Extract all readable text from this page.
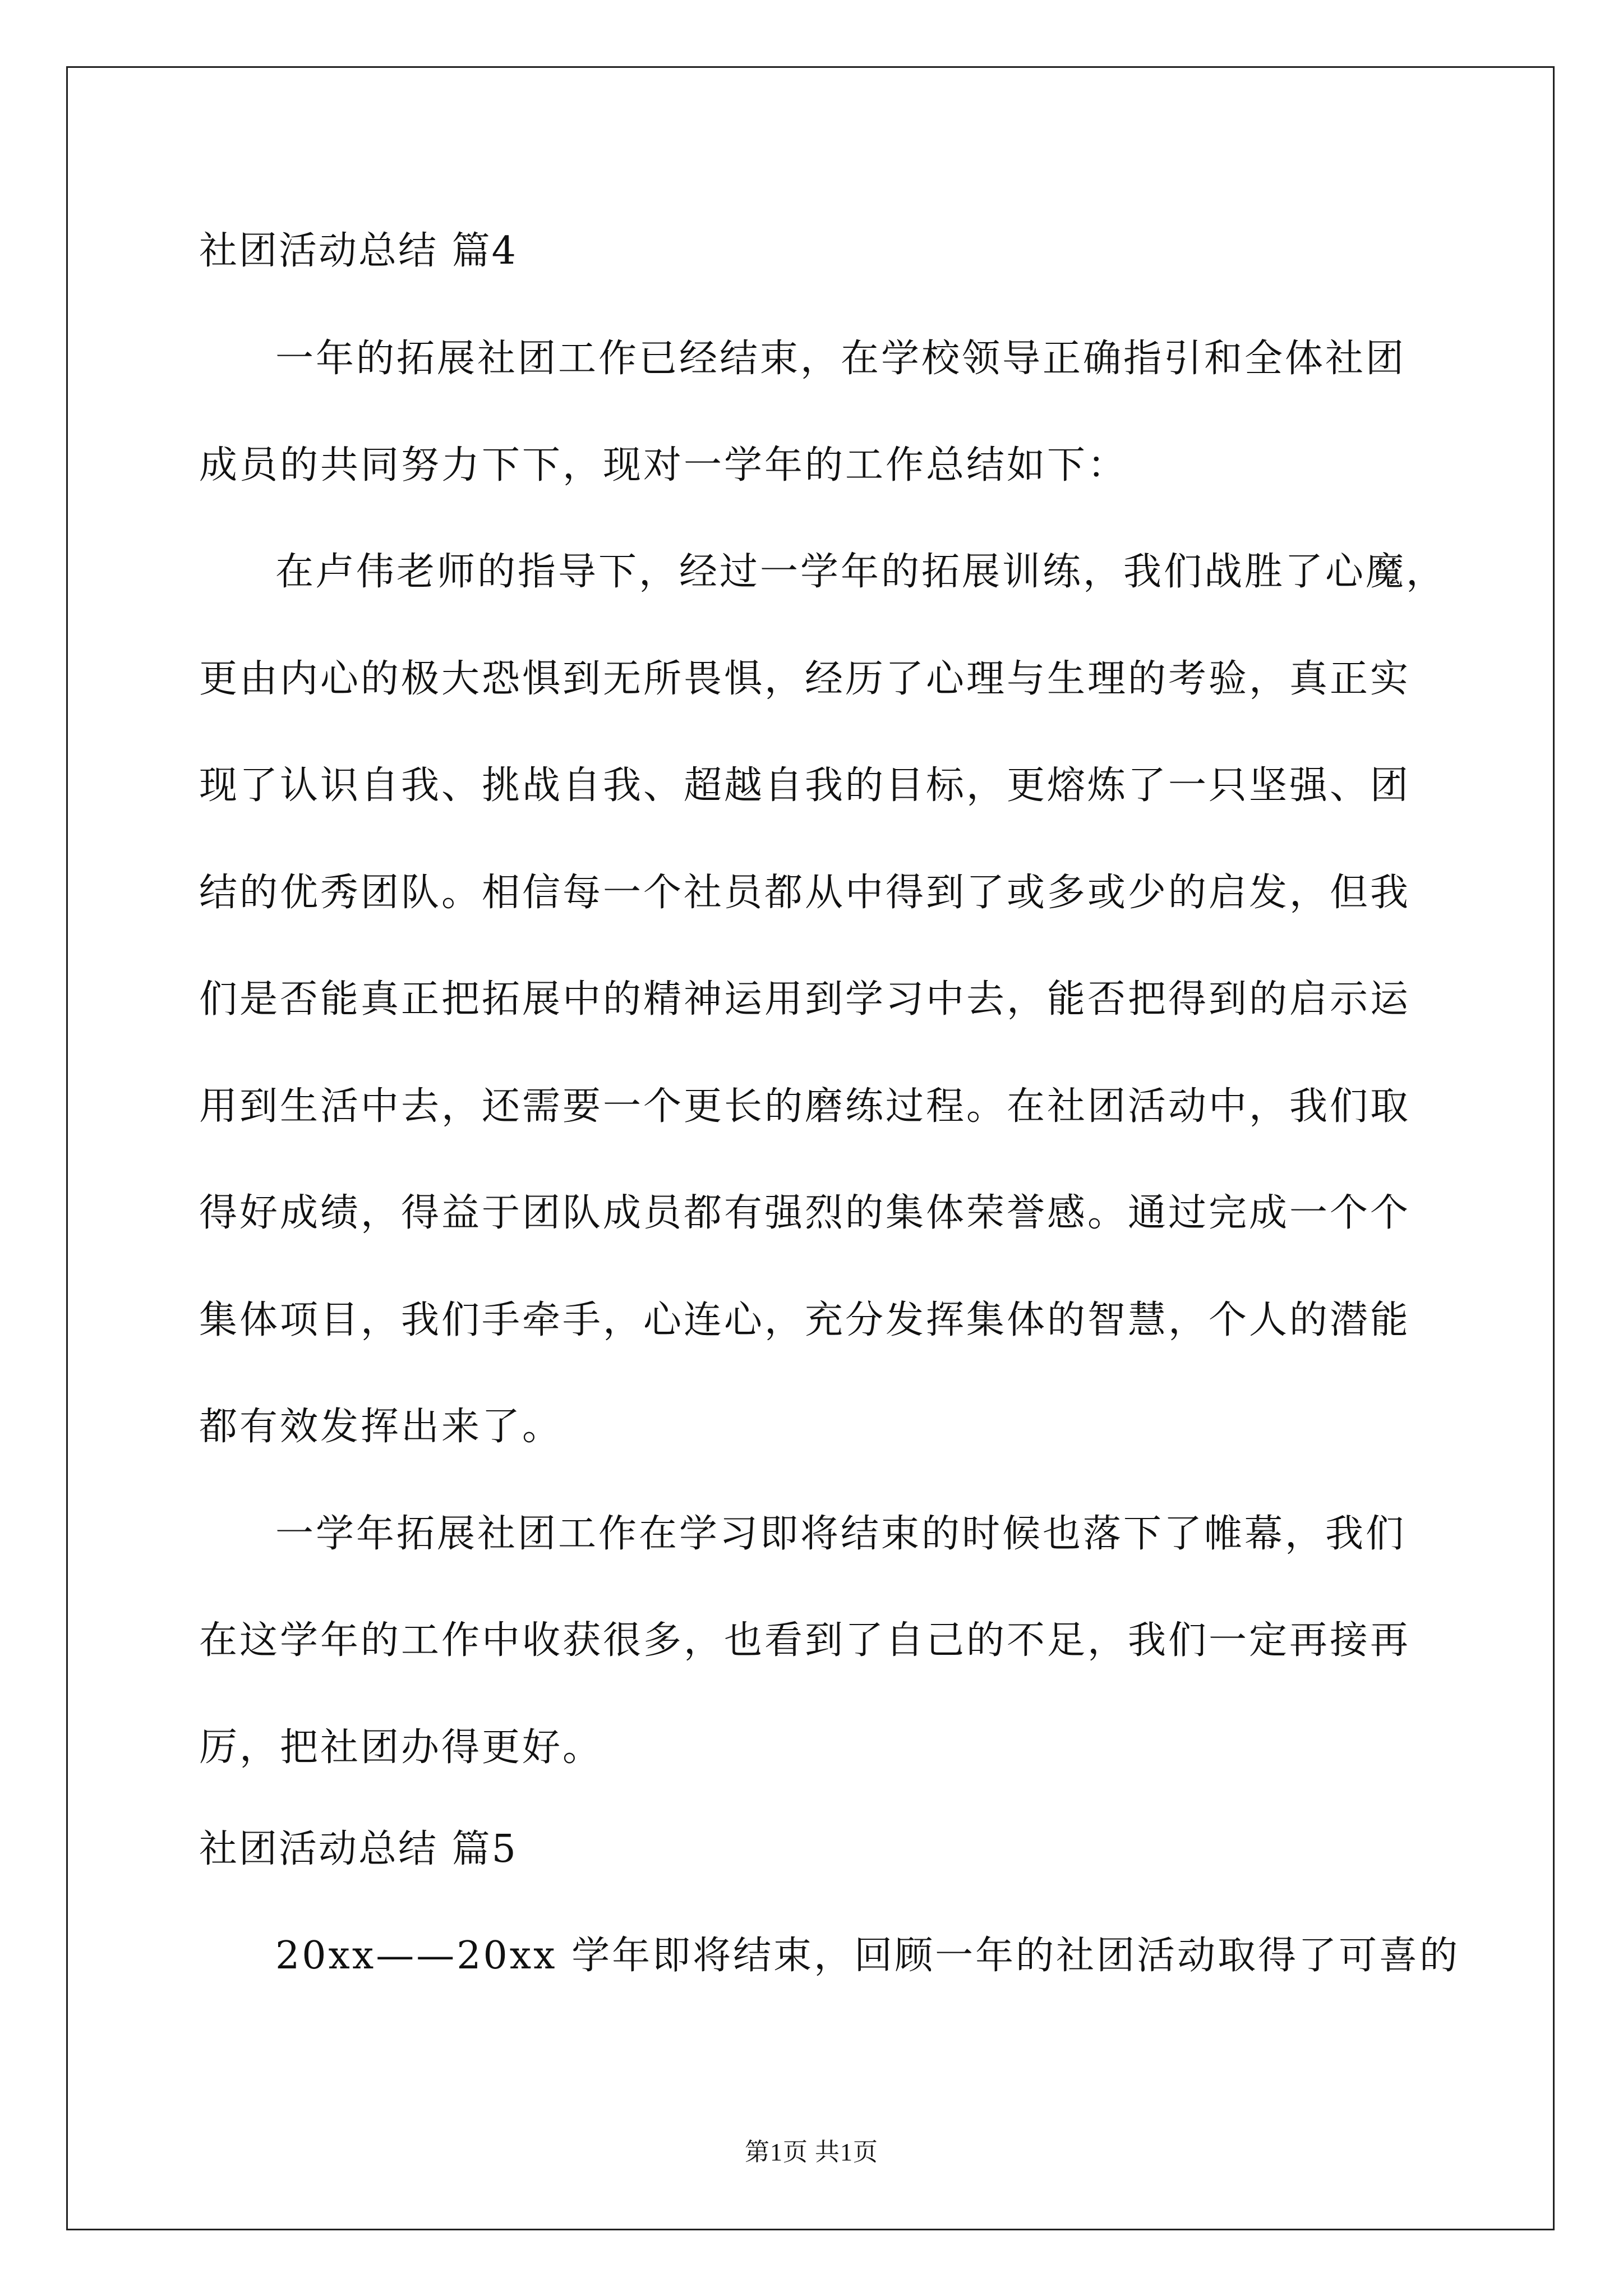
社团活动总结 篇4
一年的拓展社团工作已经结束，在学校领导正确指引和全体社团
成员的共同努力下下，现对一学年的工作总结如下：
在卢伟老师的指导下，经过一学年的拓展训练，我们战胜了心魔，
更由内心的极大恐惧到无所畏惧，经历了心理与生理的考验，真正实
现了认识自我、挑战自我、超越自我的目标，更熔炼了一只坚强、团
结的优秀团队。相信每一个社员都从中得到了或多或少的启发，但我
们是否能真正把拓展中的精神运用到学习中去，能否把得到的启示运
用到生活中去，还需要一个更长的磨练过程。在社团活动中，我们取
得好成绩，得益于团队成员都有强烈的集体荣誉感。通过完成一个个
集体项目，我们手牵手，心连心，充分发挥集体的智慧，个人的潜能
都有效发挥出来了。
一学年拓展社团工作在学习即将结束的时候也落下了帷幕，我们
在这学年的工作中收获很多，也看到了自己的不足，我们一定再接再
厉，把社团办得更好。
社团活动总结 篇5
20xx——20xx 学年即将结束，回顾一年的社团活动取得了可喜的
第1页 共1页
